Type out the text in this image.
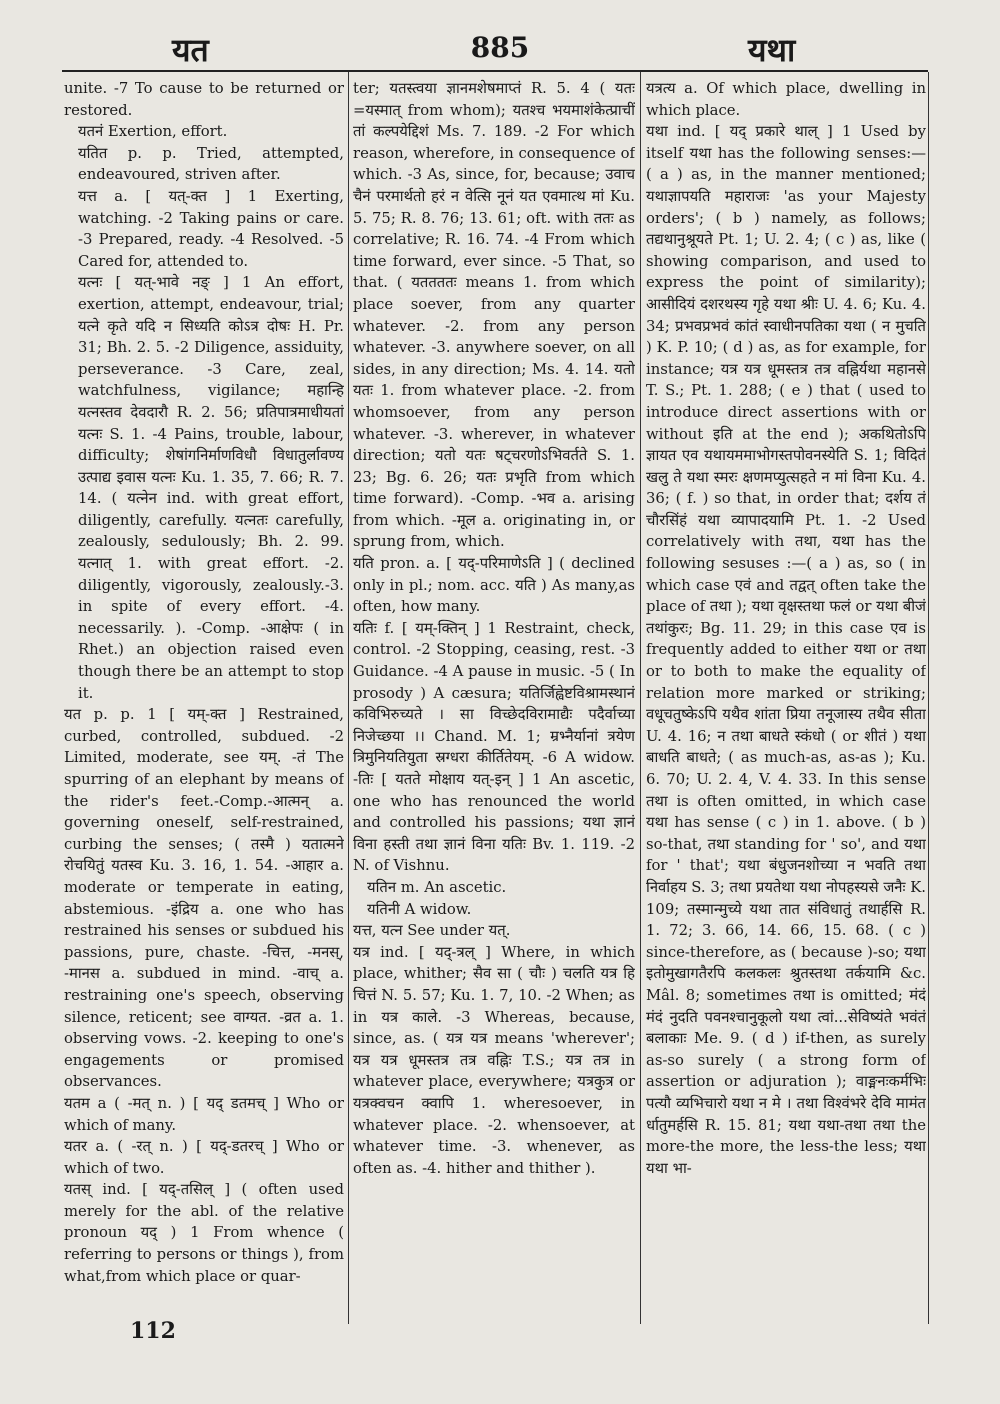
यत	885	यथा

unite. -7 To cause to be returned or restored.

यतनं Exertion, effort.

यतित p. p. Tried, attempted, endeavoured, striven after.

यत्त a. [ यत्-क्त ] 1 Exerting, watching. -2 Taking pains or care. -3 Prepared, ready. -4 Resolved. -5 Cared for, attended to.

यत्नः [ यत्-भावे नङ् ] 1 An effort, exertion, attempt, endeavour, trial; यत्ने कृते यदि न सिध्यति कोऽत्र दोषः H. Pr. 31; Bh. 2. 5. -2 Diligence, assiduity, perseverance. -3 Care, zeal, watchfulness, vigilance; महान्हि यत्नस्तव देवदारौ R. 2. 56; प्रतिपात्रमाधीयतां यत्नः S. 1. -4 Pains, trouble, labour, difficulty; शेषांगनिर्माणविधौ विधातुर्लावण्य उत्पाद्य इवास यत्नः Ku. 1. 35, 7. 66; R. 7. 14. ( यत्नेन ind. with great effort, diligently, carefully. यत्नतः carefully, zealously, sedulously; Bh. 2. 99. यत्नात् 1. with great effort. -2. diligently, vigorously, zealously.-3. in spite of every effort. -4. necessarily. ). -Comp. -आक्षेपः ( in Rhet.) an objection raised even though there be an attempt to stop it.

यत p. p. 1 [ यम्-क्त ] Restrained, curbed, controlled, subdued. -2 Limited, moderate, see यम्. -तं The spurring of an elephant by means of the rider's feet.-Comp.-आत्मन् a. governing oneself, self-restrained, curbing the senses; ( तस्मै ) यतात्मने रोचयितुं यतस्व Ku. 3. 16, 1. 54. -आहार a. moderate or temperate in eating, abstemious. -इंद्रिय a. one who has restrained his senses or subdued his passions, pure, chaste. -चित्त, -मनस्, -मानस a. subdued in mind. -वाच् a. restraining one's speech, observing silence, reticent; see वाग्यत. -व्रत a. 1. observing vows. -2. keeping to one's engagements or promised observances.

यतम a ( -मत् n. ) [ यद् डतमच् ] Who or which of many.

यतर a. ( -रत् n. ) [ यद्-डतरच् ] Who or which of two.

यतस् ind. [ यद्-तसिल् ] ( often used merely for the abl. of the relative pronoun यद् ) 1 From whence ( referring to persons or things ), from what,from which place or quar-

ter; यतस्त्वया ज्ञानमशेषमाप्तं R. 5. 4 ( यतः =यस्मात् from whom); यतश्च भयमाशंकेत्प्राचीं तां कल्पयेद्दिशं Ms. 7. 189. -2 For which reason, wherefore, in consequence of which. -3 As, since, for, because; उवाच चैनं परमार्थतो हरं न वेत्सि नूनं यत एवमात्थ मां Ku. 5. 75; R. 8. 76; 13. 61; oft. with ततः as correlative; R. 16. 74. -4 From which time forward, ever since. -5 That, so that. ( यततततः means 1. from which place soever, from any quarter whatever. -2. from any person whatever. -3. anywhere soever, on all sides, in any direction; Ms. 4. 14. यतो यतः 1. from whatever place. -2. from whomsoever, from any person whatever. -3. wherever, in whatever direction; यतो यतः षट्चरणोऽभिवर्तते S. 1. 23; Bg. 6. 26; यतः प्रभृति from which time forward). -Comp. -भव a. arising from which. -मूल a. originating in, or sprung from, which.

यति pron. a. [ यद्-परिमाणेऽति ] ( declined only in pl.; nom. acc. यति ) As many,as often, how many.

यतिः f. [ यम्-क्तिन् ] 1 Restraint, check, control. -2 Stopping, ceasing, rest. -3 Guidance. -4 A pause in music. -5 ( In prosody ) A cæsura; यतिर्जिह्वेष्टविश्रामस्थानं कविभिरुच्यते । सा विच्छेदविरामाद्यैः पदैर्वाच्या निजेच्छया ।। Chand. M. 1; म्रभ्नैर्यानां त्रयेण त्रिमुनियतियुता स्रग्धरा कीर्तितेयम्. -6 A widow. -तिः [ यतते मोक्षाय यत्-इन् ] 1 An ascetic, one who has renounced the world and controlled his passions; यथा ज्ञानं विना हस्ती तथा ज्ञानं विना यतिः Bv. 1. 119. -2 N. of Vishnu.

यतिन m. An ascetic.

यतिनी A widow.

यत्त, यत्न See under यत्.

यत्र ind. [ यद्-त्रल् ] Where, in which place, whither; सैव सा ( चौः ) चलति यत्र हि चित्तं N. 5. 57; Ku. 1. 7, 10. -2 When; as in यत्र काले. -3 Whereas, because, since, as. ( यत्र यत्र means 'wherever'; यत्र यत्र धूमस्तत्र तत्र वह्निः T.S.; यत्र तत्र in whatever place, everywhere; यत्रकुत्र or यत्रक्वचन क्वापि 1. wheresoever, in whatever place. -2. whensoever, at whatever time. -3. whenever, as often as. -4. hither and thither ).

यत्रत्य a. Of which place, dwelling in which place.

यथा ind. [ यद् प्रकारे थाल् ] 1 Used by itself यथा has the following senses:— ( a ) as, in the manner mentioned; यथाज्ञापयति महाराजः 'as your Majesty orders'; ( b ) namely, as follows; तद्यथानुश्रूयते Pt. 1; U. 2. 4; ( c ) as, like ( showing comparison, and used to express the point of similarity); आसीदियं दशरथस्य गृहे यथा श्रीः U. 4. 6; Ku. 4. 34; प्रभवप्रभवं कांतं स्वाधीनपतिका यथा ( न मुचति ) K. P. 10; ( d ) as, as for example, for instance; यत्र यत्र धूमस्तत्र तत्र वह्निर्यथा महानसे T. S.; Pt. 1. 288; ( e ) that ( used to introduce direct assertions with or without इति at the end ); अकथितोऽपि ज्ञायत एव यथायममाभोगस्तपोवनस्येति S. 1; विदितं खलु ते यथा स्मरः क्षणमप्युत्सहते न मां विना Ku. 4. 36; ( f. ) so that, in order that; दर्शय तं चौरसिंहं यथा व्यापादयामि Pt. 1. -2 Used correlatively with तथा, यथा has the following sesuses :—( a ) as, so ( in which case एवं and तद्वत् often take the place of तथा ); यथा वृक्षस्तथा फलं or यथा बीजं तथांकुरः; Bg. 11. 29; in this case एव is frequently added to either यथा or तथा or to both to make the equality of relation more marked or striking; वधूचतुष्केऽपि यथैव शांता प्रिया तनूजास्य तथैव सीता U. 4. 16; न तथा बाधते स्कंधो ( or शीतं ) यथा बाधति बाधते; ( as much-as, as-as ); Ku. 6. 70; U. 2. 4, V. 4. 33. In this sense तथा is often omitted, in which case यथा has sense ( c ) in 1. above. ( b ) so-that, तथा standing for ' so', and यथा for ' that'; यथा बंधुजनशोच्या न भवति तथा निर्वाहय S. 3; तथा प्रयतेथा यथा नोपहस्यसे जनैः K. 109; तस्मान्मुच्ये यथा तात संविधातुं तथार्हसि R. 1. 72; 3. 66, 14. 66, 15. 68. ( c ) since-therefore, as ( because )-so; यथा इतोमुखागतैरपि कलकलः श्रुतस्तथा तर्कयामि &c. Mâl. 8; sometimes तथा is omitted; मंदं मंदं नुदति पवनश्चानुकूलो यथा त्वां...सेविष्यंते भवंतं बलाकाः Me. 9. ( d ) if-then, as surely as-so surely ( a strong form of assertion or adjuration ); वाङ्मनःकर्मभिः पत्यौ व्यभिचारो यथा न मे । तथा विश्वंभरे देवि मामंत र्धातुमर्हसि R. 15. 81; यथा यथा-तथा तथा the more-the more, the less-the less; यथा यथा भा-

112
